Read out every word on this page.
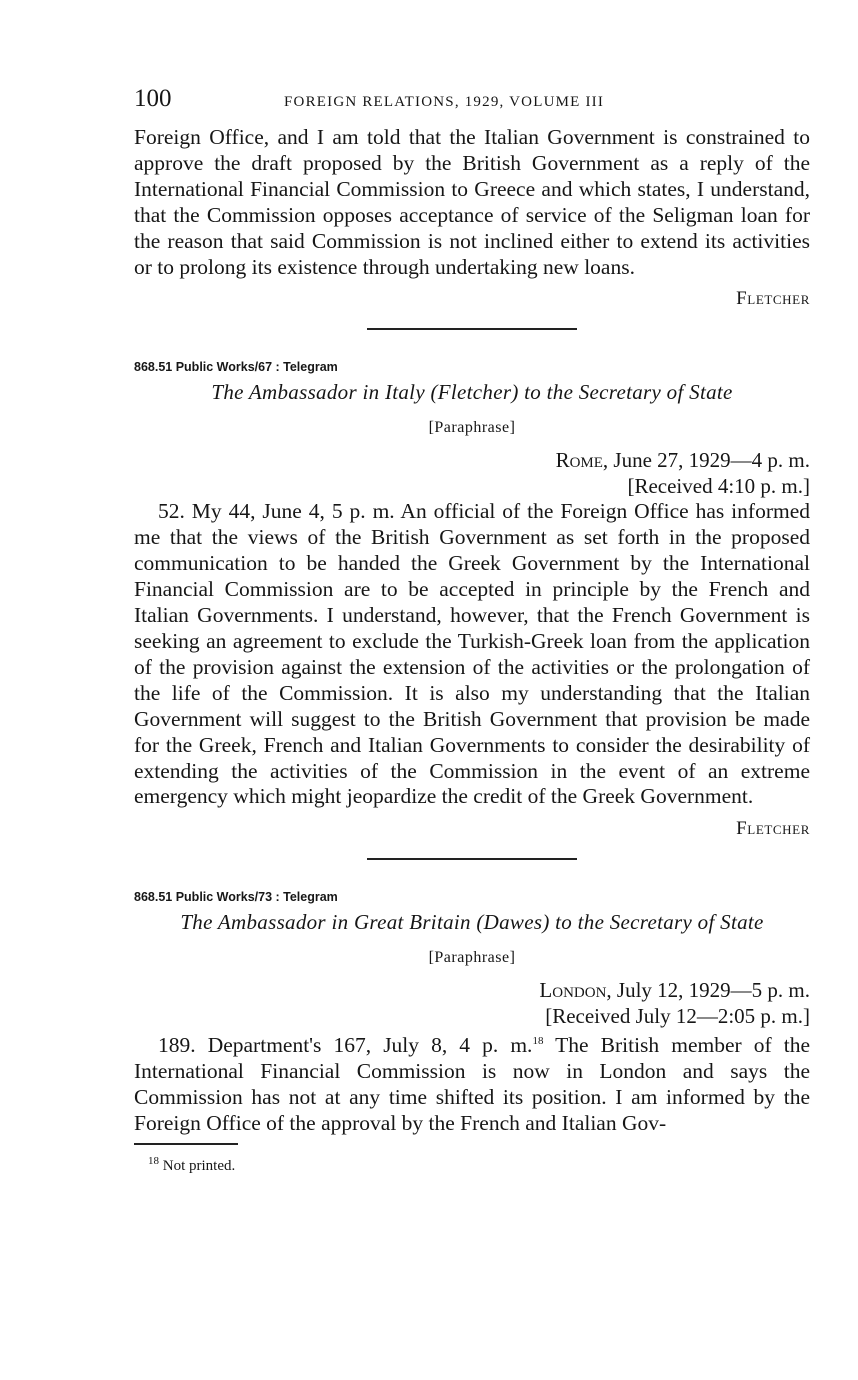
100	FOREIGN RELATIONS, 1929, VOLUME III

Foreign Office, and I am told that the Italian Government is constrained to approve the draft proposed by the British Government as a reply of the International Financial Commission to Greece and which states, I understand, that the Commission opposes acceptance of service of the Seligman loan for the reason that said Commission is not inclined either to extend its activities or to prolong its existence through undertaking new loans.

Fletcher

868.51 Public Works/67 : Telegram

The Ambassador in Italy (Fletcher) to the Secretary of State

[Paraphrase]

Rome, June 27, 1929—4 p. m.

[Received 4:10 p. m.]

52. My 44, June 4, 5 p. m. An official of the Foreign Office has informed me that the views of the British Government as set forth in the proposed communication to be handed the Greek Government by the International Financial Commission are to be accepted in principle by the French and Italian Governments. I understand, however, that the French Government is seeking an agreement to exclude the Turkish-Greek loan from the application of the provision against the extension of the activities or the prolongation of the life of the Commission. It is also my understanding that the Italian Government will suggest to the British Government that provision be made for the Greek, French and Italian Governments to consider the desirability of extending the activities of the Commission in the event of an extreme emergency which might jeopardize the credit of the Greek Government.

Fletcher

868.51 Public Works/73 : Telegram

The Ambassador in Great Britain (Dawes) to the Secretary of State

[Paraphrase]

London, July 12, 1929—5 p. m.

[Received July 12—2:05 p. m.]

189. Department's 167, July 8, 4 p. m.$^{18}$ The British member of the International Financial Commission is now in London and says the Commission has not at any time shifted its position. I am informed by the Foreign Office of the approval by the French and Italian Gov-

$^{18}$ Not printed.
